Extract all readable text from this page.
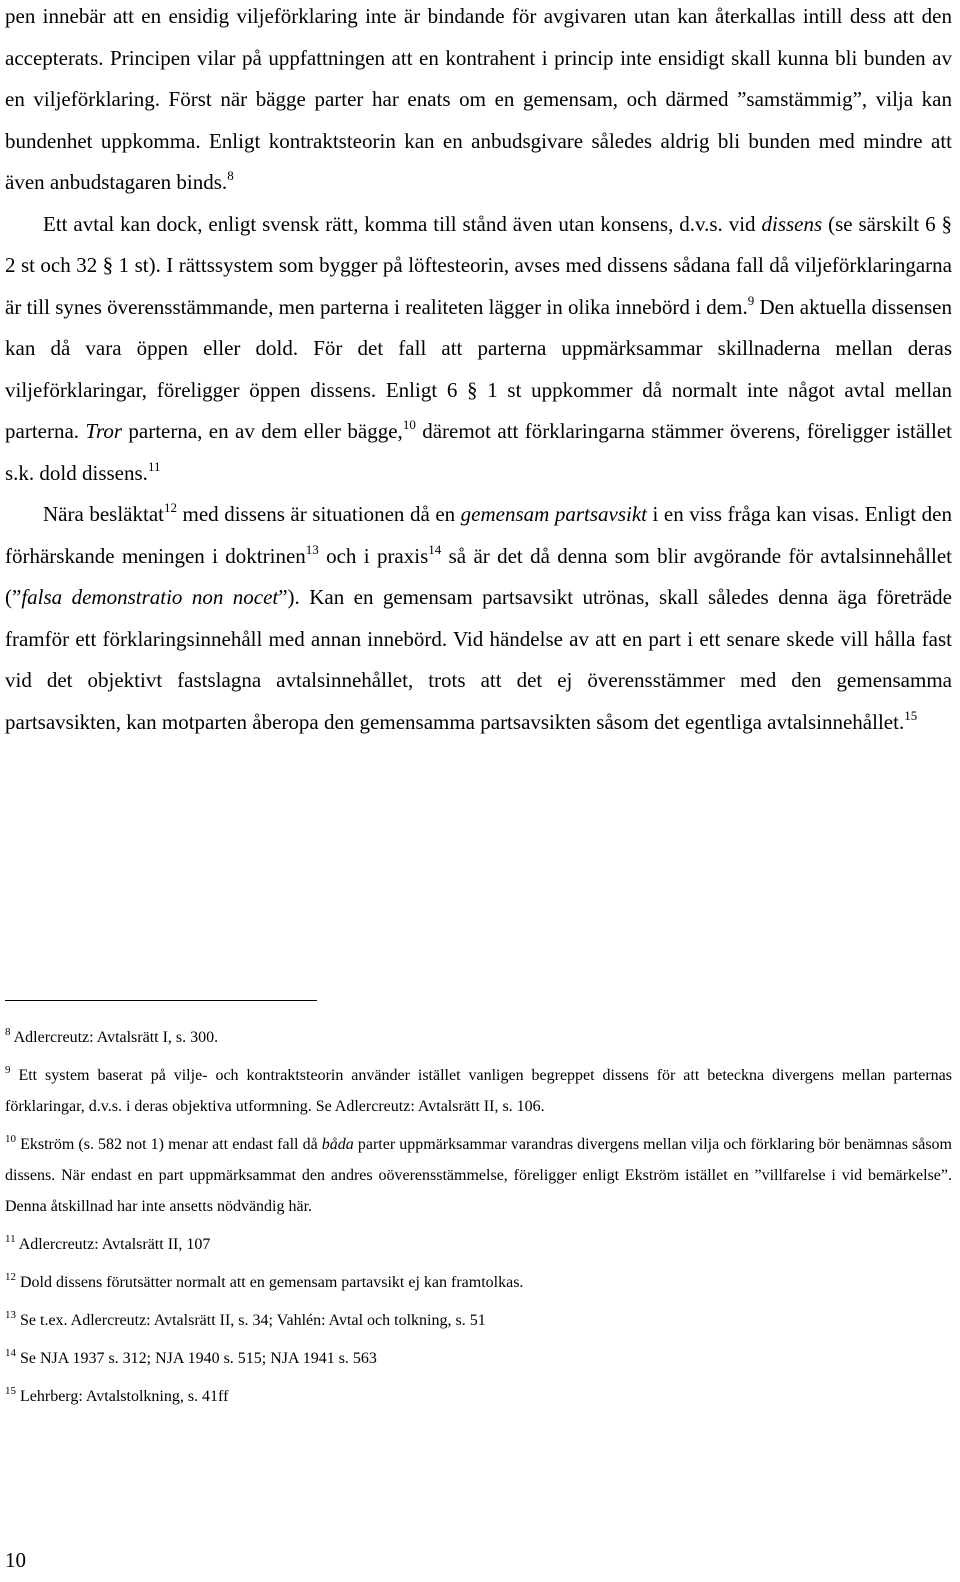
pen innebär att en ensidig viljeförklaring inte är bindande för avgivaren utan kan återkallas intill dess att den accepterats. Principen vilar på uppfattningen att en kontrahent i princip inte ensidigt skall kunna bli bunden av en viljeförklaring. Först när bägge parter har enats om en gemensam, och därmed ”samstämmig”, vilja kan bundenhet uppkomma. Enligt kontraktsteorin kan en anbudsgivare således aldrig bli bunden med mindre att även anbudstagaren binds.$^8$

Ett avtal kan dock, enligt svensk rätt, komma till stånd även utan konsens, d.v.s. vid dissens (se särskilt 6 § 2 st och 32 § 1 st). I rättssystem som bygger på löftesteorin, avses med dissens sådana fall då viljeförklaringarna är till synes överensstämmande, men parterna i realiteten lägger in olika innebörd i dem.$^9$ Den aktuella dissensen kan då vara öppen eller dold. För det fall att parterna uppmärksammar skillnaderna mellan deras viljeförklaringar, föreligger öppen dissens. Enligt 6 § 1 st uppkommer då normalt inte något avtal mellan parterna. Tror parterna, en av dem eller bägge,$^{10}$ däremot att förklaringarna stämmer överens, föreligger istället s.k. dold dissens.$^{11}$

Nära besläktat$^{12}$ med dissens är situationen då en gemensam partsavsikt i en viss fråga kan visas. Enligt den förhärskande meningen i doktrinen$^{13}$ och i praxis$^{14}$ så är det då denna som blir avgörande för avtalsinnehållet (”falsa demonstratio non nocet”). Kan en gemensam partsavsikt utrönas, skall således denna äga företräde framför ett förklaringsinnehåll med annan innebörd. Vid händelse av att en part i ett senare skede vill hålla fast vid det objektivt fastslagna avtalsinnehållet, trots att det ej överensstämmer med den gemensamma partsavsikten, kan motparten åberopa den gemensamma partsavsikten såsom det egentliga avtalsinnehållet.$^{15}$

$^8$ Adlercreutz: Avtalsrätt I, s. 300.

$^9$ Ett system baserat på vilje- och kontraktsteorin använder istället vanligen begreppet dissens för att beteckna divergens mellan parternas förklaringar, d.v.s. i deras objektiva utformning. Se Adlercreutz: Avtalsrätt II, s. 106.

$^{10}$ Ekström (s. 582 not 1) menar att endast fall då båda parter uppmärksammar varandras divergens mellan vilja och förklaring bör benämnas såsom dissens. När endast en part uppmärksammat den andres oöverensstämmelse, föreligger enligt Ekström istället en ”villfarelse i vid bemärkelse”. Denna åtskillnad har inte ansetts nödvändig här.

$^{11}$ Adlercreutz: Avtalsrätt II, 107

$^{12}$ Dold dissens förutsätter normalt att en gemensam partavsikt ej kan framtolkas.

$^{13}$ Se t.ex. Adlercreutz: Avtalsrätt II, s. 34; Vahlén: Avtal och tolkning, s. 51

$^{14}$ Se NJA 1937 s. 312; NJA 1940 s. 515; NJA 1941 s. 563

$^{15}$ Lehrberg: Avtalstolkning, s. 41ff

10
